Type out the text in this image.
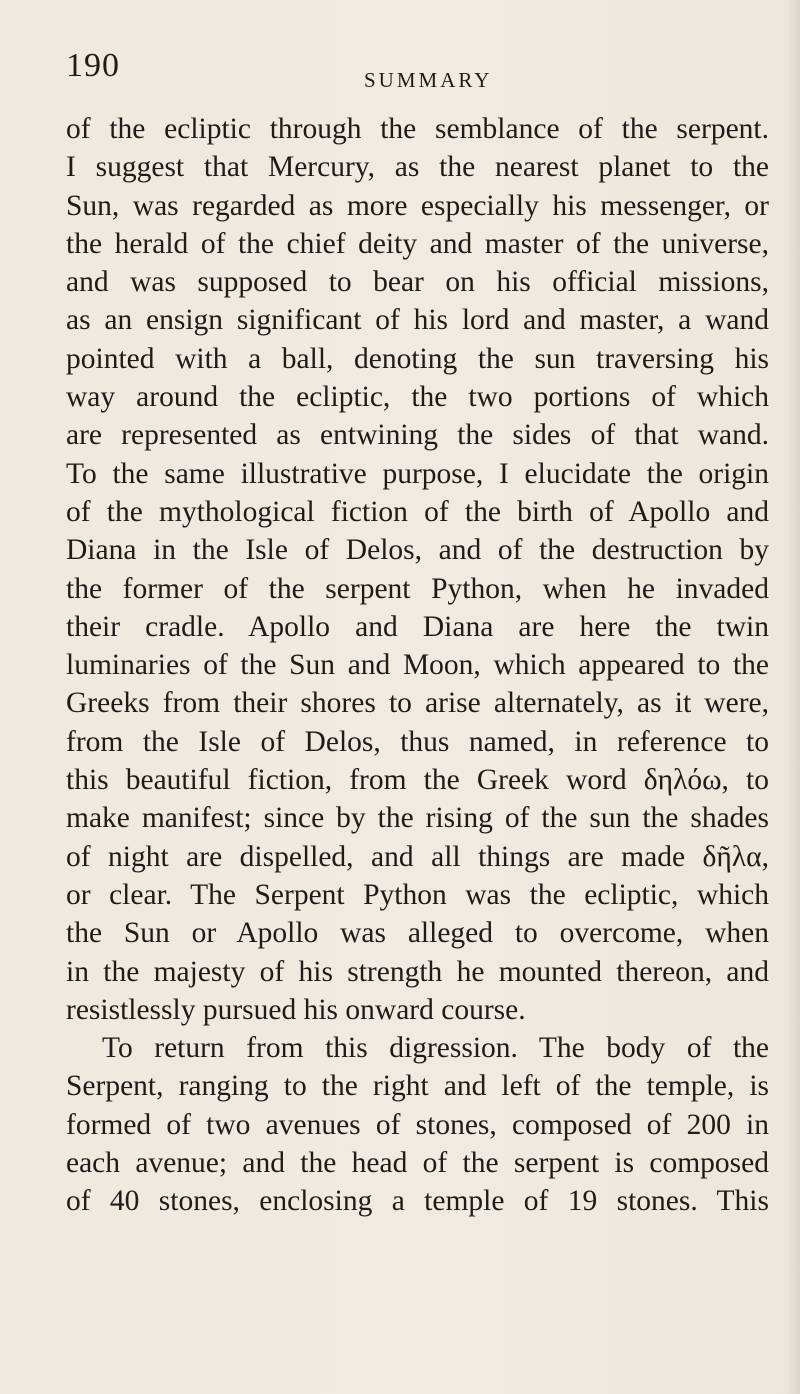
190	SUMMARY
of the ecliptic through the semblance of the serpent.
I suggest that Mercury, as the nearest planet to the
Sun, was regarded as more especially his messenger, or
the herald of the chief deity and master of the universe,
and was supposed to bear on his official missions,
as an ensign significant of his lord and master, a wand
pointed with a ball, denoting the sun traversing his
way around the ecliptic, the two portions of which
are represented as entwining the sides of that wand.
To the same illustrative purpose, I elucidate the origin
of the mythological fiction of the birth of Apollo and
Diana in the Isle of Delos, and of the destruction by
the former of the serpent Python, when he invaded
their cradle. Apollo and Diana are here the twin
luminaries of the Sun and Moon, which appeared to the
Greeks from their shores to arise alternately, as it were,
from the Isle of Delos, thus named, in reference to
this beautiful fiction, from the Greek word δηλόω, to
make manifest; since by the rising of the sun the shades
of night are dispelled, and all things are made δῆλα,
or clear. The Serpent Python was the ecliptic, which
the Sun or Apollo was alleged to overcome, when
in the majesty of his strength he mounted thereon, and
resistlessly pursued his onward course.
To return from this digression. The body of the
Serpent, ranging to the right and left of the temple, is
formed of two avenues of stones, composed of 200 in
each avenue; and the head of the serpent is composed
of 40 stones, enclosing a temple of 19 stones. This
